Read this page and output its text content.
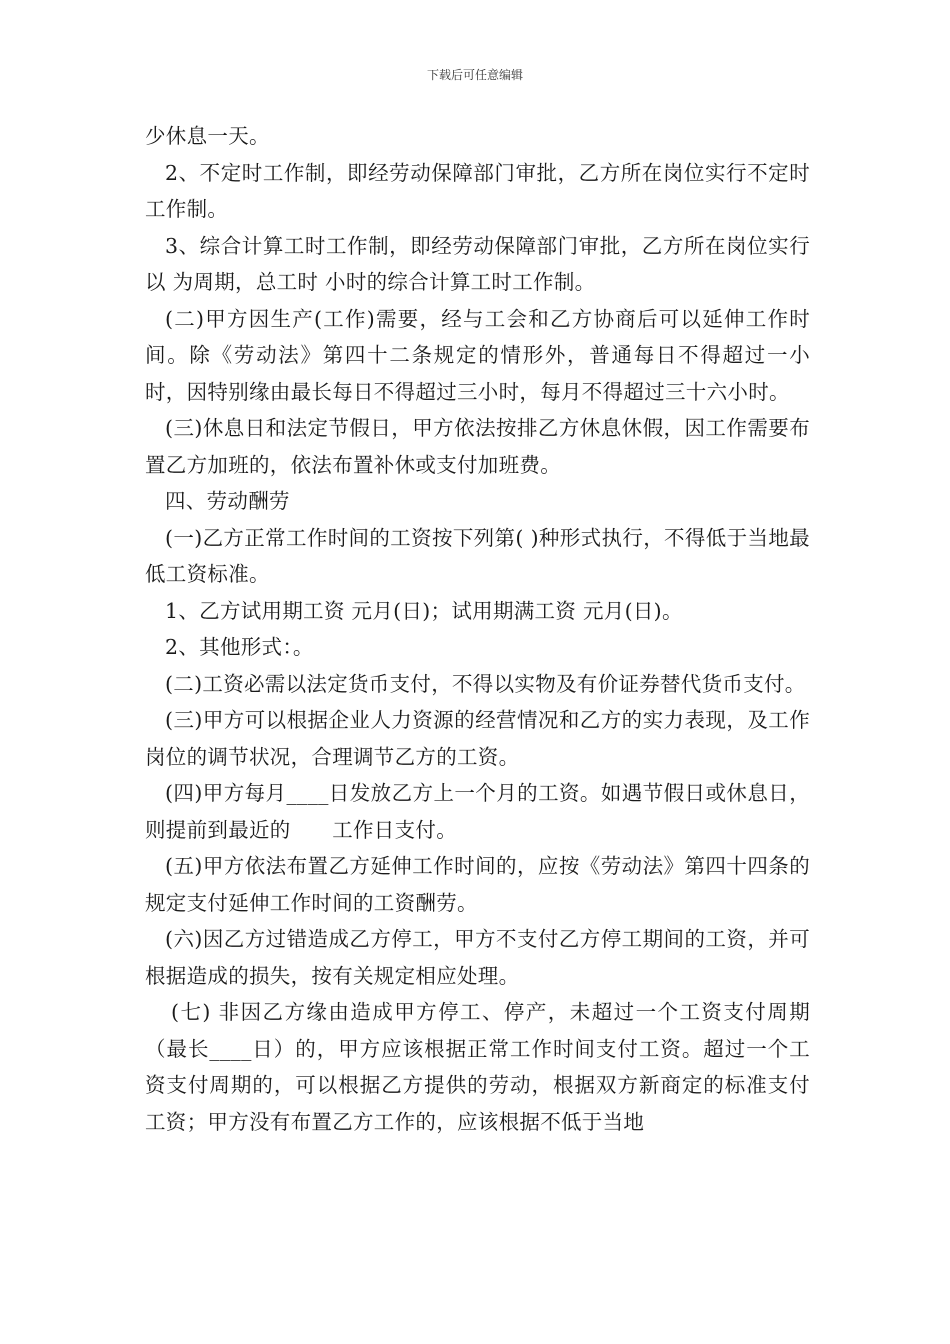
下载后可任意编辑

少休息一天。

2、不定时工作制，即经劳动保障部门审批，乙方所在岗位实行不定时工作制。

3、综合计算工时工作制，即经劳动保障部门审批，乙方所在岗位实行以 为周期，总工时 小时的综合计算工时工作制。

(二)甲方因生产(工作)需要，经与工会和乙方协商后可以延伸工作时间。除《劳动法》第四十二条规定的情形外，普通每日不得超过一小时，因特别缘由最长每日不得超过三小时，每月不得超过三十六小时。

(三)休息日和法定节假日，甲方依法按排乙方休息休假，因工作需要布置乙方加班的，依法布置补休或支付加班费。

四、劳动酬劳

(一)乙方正常工作时间的工资按下列第( )种形式执行，不得低于当地最低工资标准。

1、乙方试用期工资 元月(日)；试用期满工资 元月(日)。

2、其他形式：。

(二)工资必需以法定货币支付，不得以实物及有价证券替代货币支付。

(三)甲方可以根据企业人力资源的经营情况和乙方的实力表现，及工作岗位的调节状况，合理调节乙方的工资。

(四)甲方每月____日发放乙方上一个月的工资。如遇节假日或休息日，则提前到最近的　　工作日支付。

(五)甲方依法布置乙方延伸工作时间的，应按《劳动法》第四十四条的规定支付延伸工作时间的工资酬劳。

(六)因乙方过错造成乙方停工，甲方不支付乙方停工期间的工资，并可根据造成的损失，按有关规定相应处理。

(七) 非因乙方缘由造成甲方停工、停产，未超过一个工资支付周期（最长____日）的，甲方应该根据正常工作时间支付工资。超过一个工资支付周期的，可以根据乙方提供的劳动，根据双方新商定的标准支付工资；甲方没有布置乙方工作的，应该根据不低于当地
